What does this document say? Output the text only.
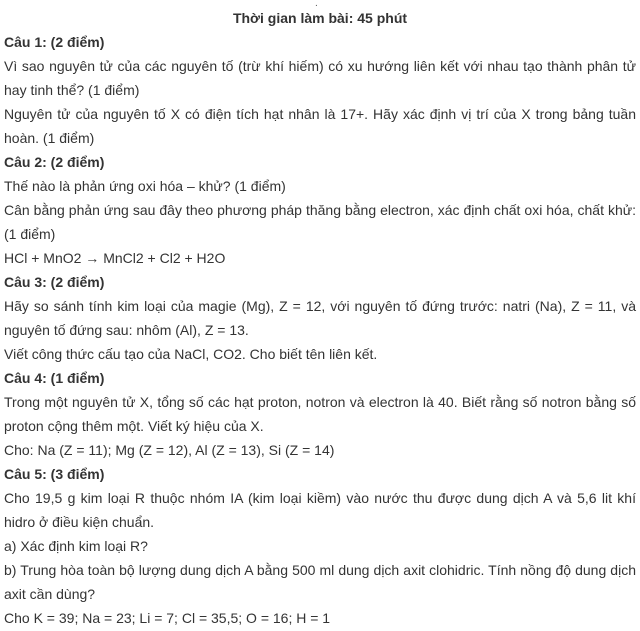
.

Thời gian làm bài: 45 phút

Câu 1: (2 điểm)

Vì sao nguyên tử của các nguyên tố (trừ khí hiếm) có xu hướng liên kết với nhau tạo thành phân tử hay tinh thể? (1 điểm)

Nguyên tử của nguyên tố X có điện tích hạt nhân là 17+. Hãy xác định vị trí của X trong bảng tuần hoàn. (1 điểm)

Câu 2: (2 điểm)

Thế nào là phản ứng oxi hóa – khử? (1 điểm)

Cân bằng phản ứng sau đây theo phương pháp thăng bằng electron, xác định chất oxi hóa, chất khử: (1 điểm)

HCl + MnO2 → MnCl2 + Cl2 + H2O

Câu 3: (2 điểm)

Hãy so sánh tính kim loại của magie (Mg), Z = 12, với nguyên tố đứng trước: natri (Na), Z = 11, và nguyên tố đứng sau: nhôm (Al), Z = 13.

Viết công thức cấu tạo của NaCl, CO2. Cho biết tên liên kết.

Câu 4: (1 điểm)

Trong một nguyên tử X, tổng số các hạt proton, notron và electron là 40. Biết rằng số notron bằng số proton cộng thêm một. Viết ký hiệu của X.

Cho: Na (Z = 11); Mg (Z = 12), Al (Z = 13), Si (Z = 14)

Câu 5: (3 điểm)

Cho 19,5 g kim loại R thuộc nhóm IA (kim loại kiềm) vào nước thu được dung dịch A và 5,6 lit khí hidro ở điều kiện chuẩn.

a) Xác định kim loại R?

b) Trung hòa toàn bộ lượng dung dịch A bằng 500 ml dung dịch axit clohidric. Tính nồng độ dung dịch axit cần dùng?

Cho K = 39; Na = 23; Li = 7; Cl = 35,5; O = 16; H = 1
